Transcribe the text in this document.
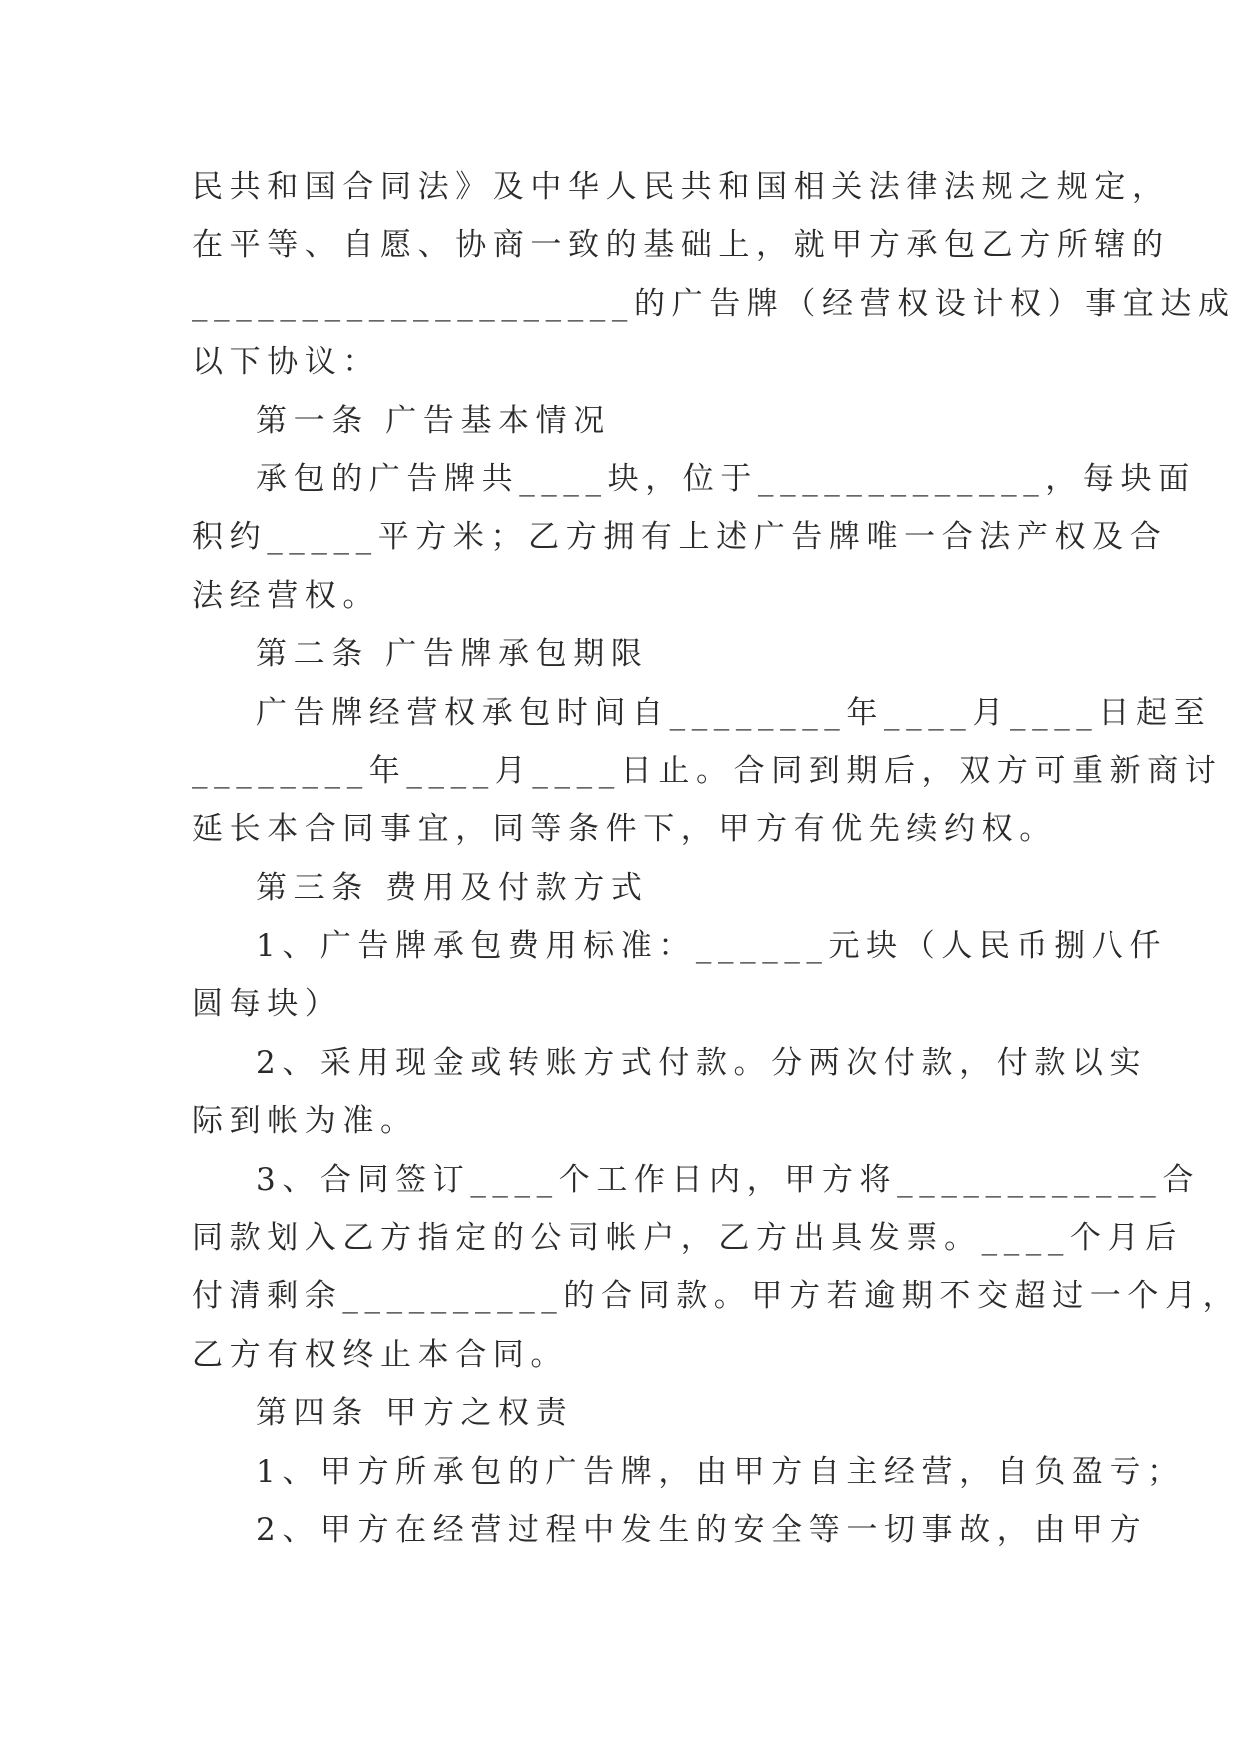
民共和国合同法》及中华人民共和国相关法律法规之规定，
在平等、自愿、协商一致的基础上，就甲方承包乙方所辖的
____________________的广告牌（经营权设计权）事宜达成
以下协议：
第一条 广告基本情况
承包的广告牌共____块，位于_____________，每块面
积约_____平方米；乙方拥有上述广告牌唯一合法产权及合
法经营权。
第二条 广告牌承包期限
广告牌经营权承包时间自________年____月____日起至
________年____月____日止。合同到期后，双方可重新商讨
延长本合同事宜，同等条件下，甲方有优先续约权。
第三条 费用及付款方式
1、广告牌承包费用标准：______元块（人民币捌八仟
圆每块）
2、采用现金或转账方式付款。分两次付款，付款以实
际到帐为准。
3、合同签订____个工作日内，甲方将____________合
同款划入乙方指定的公司帐户，乙方出具发票。____个月后
付清剩余__________的合同款。甲方若逾期不交超过一个月，
乙方有权终止本合同。
第四条 甲方之权责
1、甲方所承包的广告牌，由甲方自主经营，自负盈亏；
2、甲方在经营过程中发生的安全等一切事故，由甲方
